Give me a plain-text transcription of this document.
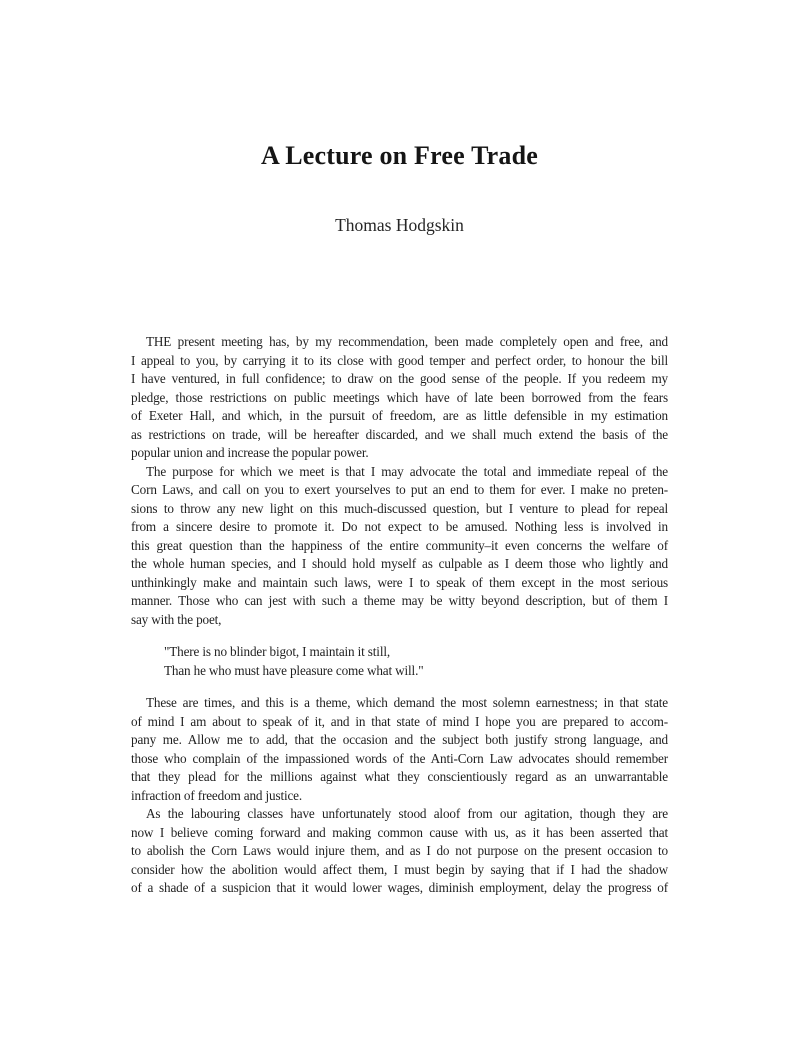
A Lecture on Free Trade
Thomas Hodgskin
THE present meeting has, by my recommendation, been made completely open and free, and
I appeal to you, by carrying it to its close with good temper and perfect order, to honour the bill
I have ventured, in full confidence; to draw on the good sense of the people. If you redeem my
pledge, those restrictions on public meetings which have of late been borrowed from the fears
of Exeter Hall, and which, in the pursuit of freedom, are as little defensible in my estimation
as restrictions on trade, will be hereafter discarded, and we shall much extend the basis of the
popular union and increase the popular power.
The purpose for which we meet is that I may advocate the total and immediate repeal of the
Corn Laws, and call on you to exert yourselves to put an end to them for ever. I make no preten-
sions to throw any new light on this much-discussed question, but I venture to plead for repeal
from a sincere desire to promote it. Do not expect to be amused. Nothing less is involved in
this great question than the happiness of the entire community–it even concerns the welfare of
the whole human species, and I should hold myself as culpable as I deem those who lightly and
unthinkingly make and maintain such laws, were I to speak of them except in the most serious
manner. Those who can jest with such a theme may be witty beyond description, but of them I
say with the poet,
"There is no blinder bigot, I maintain it still,
Than he who must have pleasure come what will."
These are times, and this is a theme, which demand the most solemn earnestness; in that state
of mind I am about to speak of it, and in that state of mind I hope you are prepared to accom-
pany me. Allow me to add, that the occasion and the subject both justify strong language, and
those who complain of the impassioned words of the Anti-Corn Law advocates should remember
that they plead for the millions against what they conscientiously regard as an unwarrantable
infraction of freedom and justice.
As the labouring classes have unfortunately stood aloof from our agitation, though they are
now I believe coming forward and making common cause with us, as it has been asserted that
to abolish the Corn Laws would injure them, and as I do not purpose on the present occasion to
consider how the abolition would affect them, I must begin by saying that if I had the shadow
of a shade of a suspicion that it would lower wages, diminish employment, delay the progress of
